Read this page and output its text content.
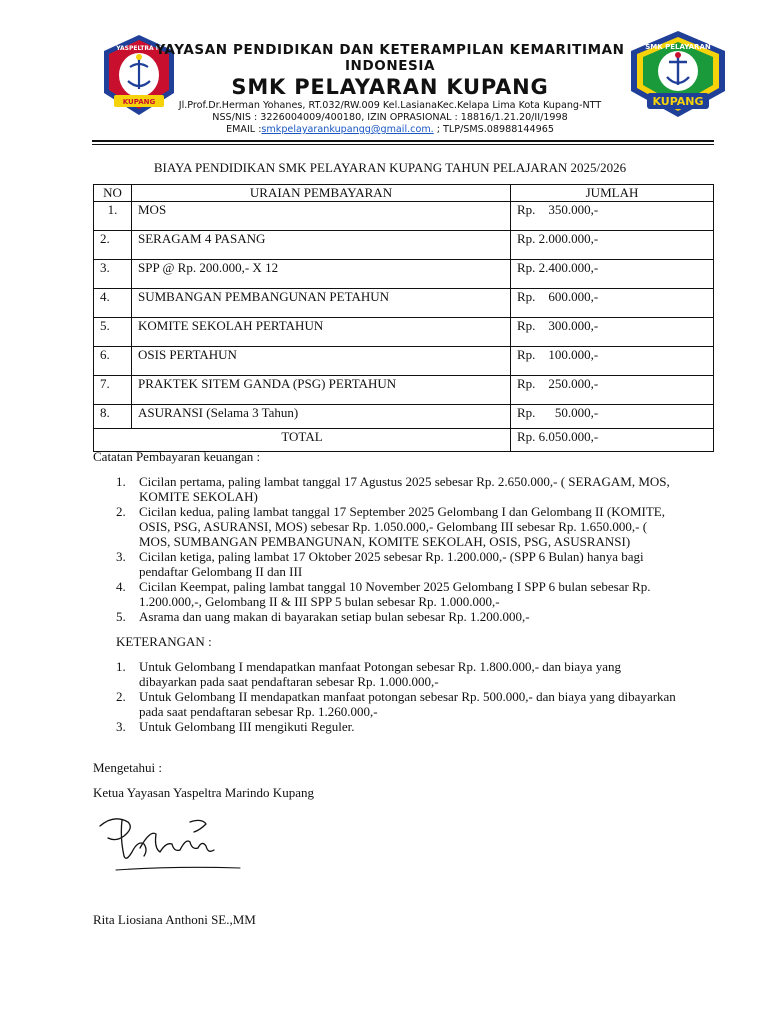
YASPELTRA M
KUPANG
SMK PELAYARAN
KUPANG
YAYASAN PENDIDIKAN DAN KETERAMPILAN KEMARITIMAN
INDONESIA
SMK PELAYARAN KUPANG
Jl.Prof.Dr.Herman Yohanes, RT.032/RW.009 Kel.LasianaKec.Kelapa Lima Kota Kupang-NTT
NSS/NIS : 3226004009/400180, IZIN OPRASIONAL : 18816/1.21.20/II/1998
EMAIL :smkpelayarankupangg@gmail.com. ; TLP/SMS.08988144965
BIAYA PENDIDIKAN SMK PELAYARAN KUPANG TAHUN PELAJARAN 2025/2026
NO	URAIAN PEMBAYARAN	JUMLAH
1.	MOS	Rp.    350.000,-
2.	SERAGAM 4 PASANG	Rp. 2.000.000,-
3.	SPP @ Rp. 200.000,- X 12	Rp. 2.400.000,-
4.	SUMBANGAN PEMBANGUNAN PETAHUN	Rp.    600.000,-
5.	KOMITE SEKOLAH PERTAHUN	Rp.    300.000,-
6.	OSIS PERTAHUN	Rp.    100.000,-
7.	PRAKTEK SITEM GANDA (PSG) PERTAHUN	Rp.    250.000,-
8.	ASURANSI (Selama 3 Tahun)	Rp.      50.000,-
TOTAL		Rp. 6.050.000,-
Catatan Pembayaran keuangan :
1. Cicilan pertama, paling lambat tanggal 17 Agustus 2025 sebesar Rp. 2.650.000,- ( SERAGAM, MOS, KOMITE SEKOLAH)
2. Cicilan kedua, paling lambat tanggal 17 September 2025 Gelombang I dan Gelombang II (KOMITE, OSIS, PSG, ASURANSI, MOS) sebesar Rp. 1.050.000,- Gelombang III sebesar Rp. 1.650.000,- ( MOS, SUMBANGAN PEMBANGUNAN, KOMITE SEKOLAH, OSIS, PSG, ASUSRANSI)
3. Cicilan ketiga, paling lambat 17 Oktober 2025 sebesar Rp. 1.200.000,- (SPP 6 Bulan) hanya bagi pendaftar Gelombang II dan III
4. Cicilan Keempat, paling lambat tanggal 10 November 2025 Gelombang I SPP 6 bulan sebesar Rp. 1.200.000,-, Gelombang II & III SPP 5 bulan sebesar Rp. 1.000.000,-
5. Asrama dan uang makan di bayarakan setiap bulan sebesar Rp. 1.200.000,-
KETERANGAN :
1. Untuk Gelombang I mendapatkan manfaat Potongan sebesar Rp. 1.800.000,- dan biaya yang dibayarkan pada saat pendaftaran sebesar Rp. 1.000.000,-
2. Untuk Gelombang II mendapatkan manfaat potongan sebesar Rp. 500.000,- dan biaya yang dibayarkan pada saat pendaftaran sebesar Rp. 1.260.000,-
3. Untuk Gelombang III mengikuti Reguler.
Mengetahui :
Ketua Yayasan Yaspeltra Marindo Kupang
Rita Liosiana Anthoni SE.,MM
